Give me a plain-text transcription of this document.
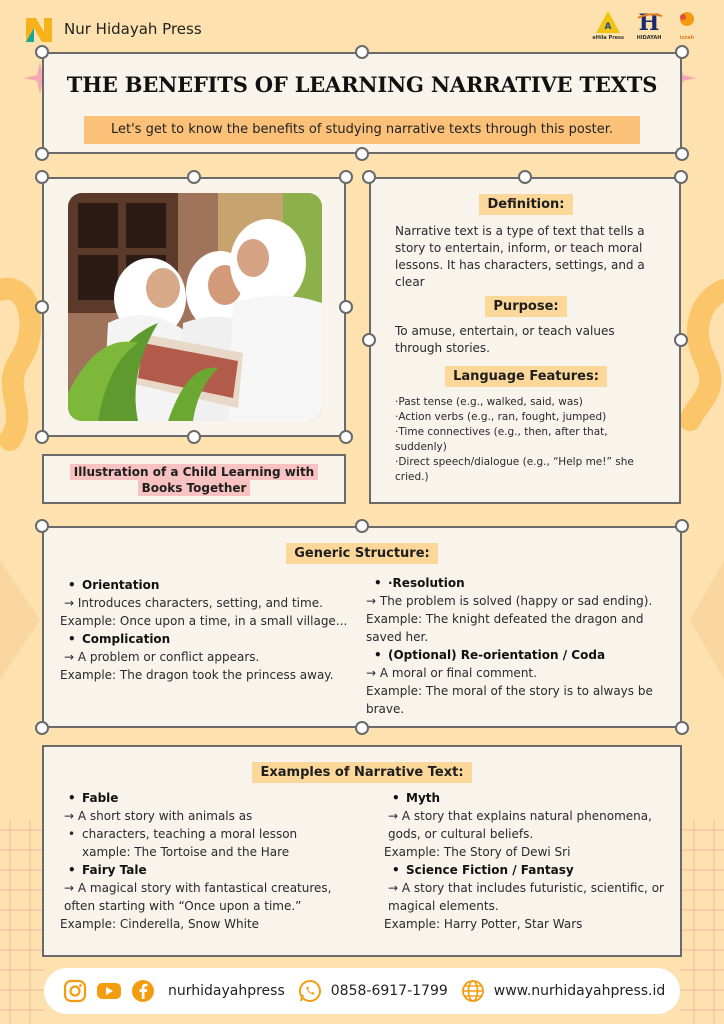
Nur Hidayah Press	A
eHila Press
H
HIDAYAH	izzah
THE BENEFITS OF LEARNING NARRATIVE TEXTS
Let's get to know the benefits of studying narrative texts through this poster.
Illustration of a Child Learning with Books Together
Definition:

Narrative text is a type of text that tells a story to entertain, inform, or teach moral lessons. It has characters, settings, and a clear

Purpose:

To amuse, entertain, or teach values through stories.

Language Features:

·Past tense (e.g., walked, said, was)

·Action verbs (e.g., ran, fought, jumped)

·Time connectives (e.g., then, after that, suddenly)

·Direct speech/dialogue (e.g., “Help me!” she cried.)

Generic Structure:
• Orientation
→ Introduces characters, setting, and time.
Example: Once upon a time, in a small village...
• Complication
→ A problem or conflict appears.
Example: The dragon took the princess away.
• ·Resolution
→ The problem is solved (happy or sad ending).
Example: The knight defeated the dragon and saved her.
• (Optional) Re-orientation / Coda
→ A moral or final comment.
Example: The moral of the story is to always be brave.
Examples of Narrative Text:
• Fable
→ A short story with animals as
• characters, teaching a moral lesson
xample: The Tortoise and the Hare
• Fairy Tale
→ A magical story with fantastical creatures, often starting with “Once upon a time.”
Example: Cinderella, Snow White
• Myth
→ A story that explains natural phenomena, gods, or cultural beliefs.
Example: The Story of Dewi Sri
• Science Fiction / Fantasy
→ A story that includes futuristic, scientific, or magical elements.
Example: Harry Potter, Star Wars
nurhidayahpress	0858-6917-1799	www.nurhidayahpress.id
